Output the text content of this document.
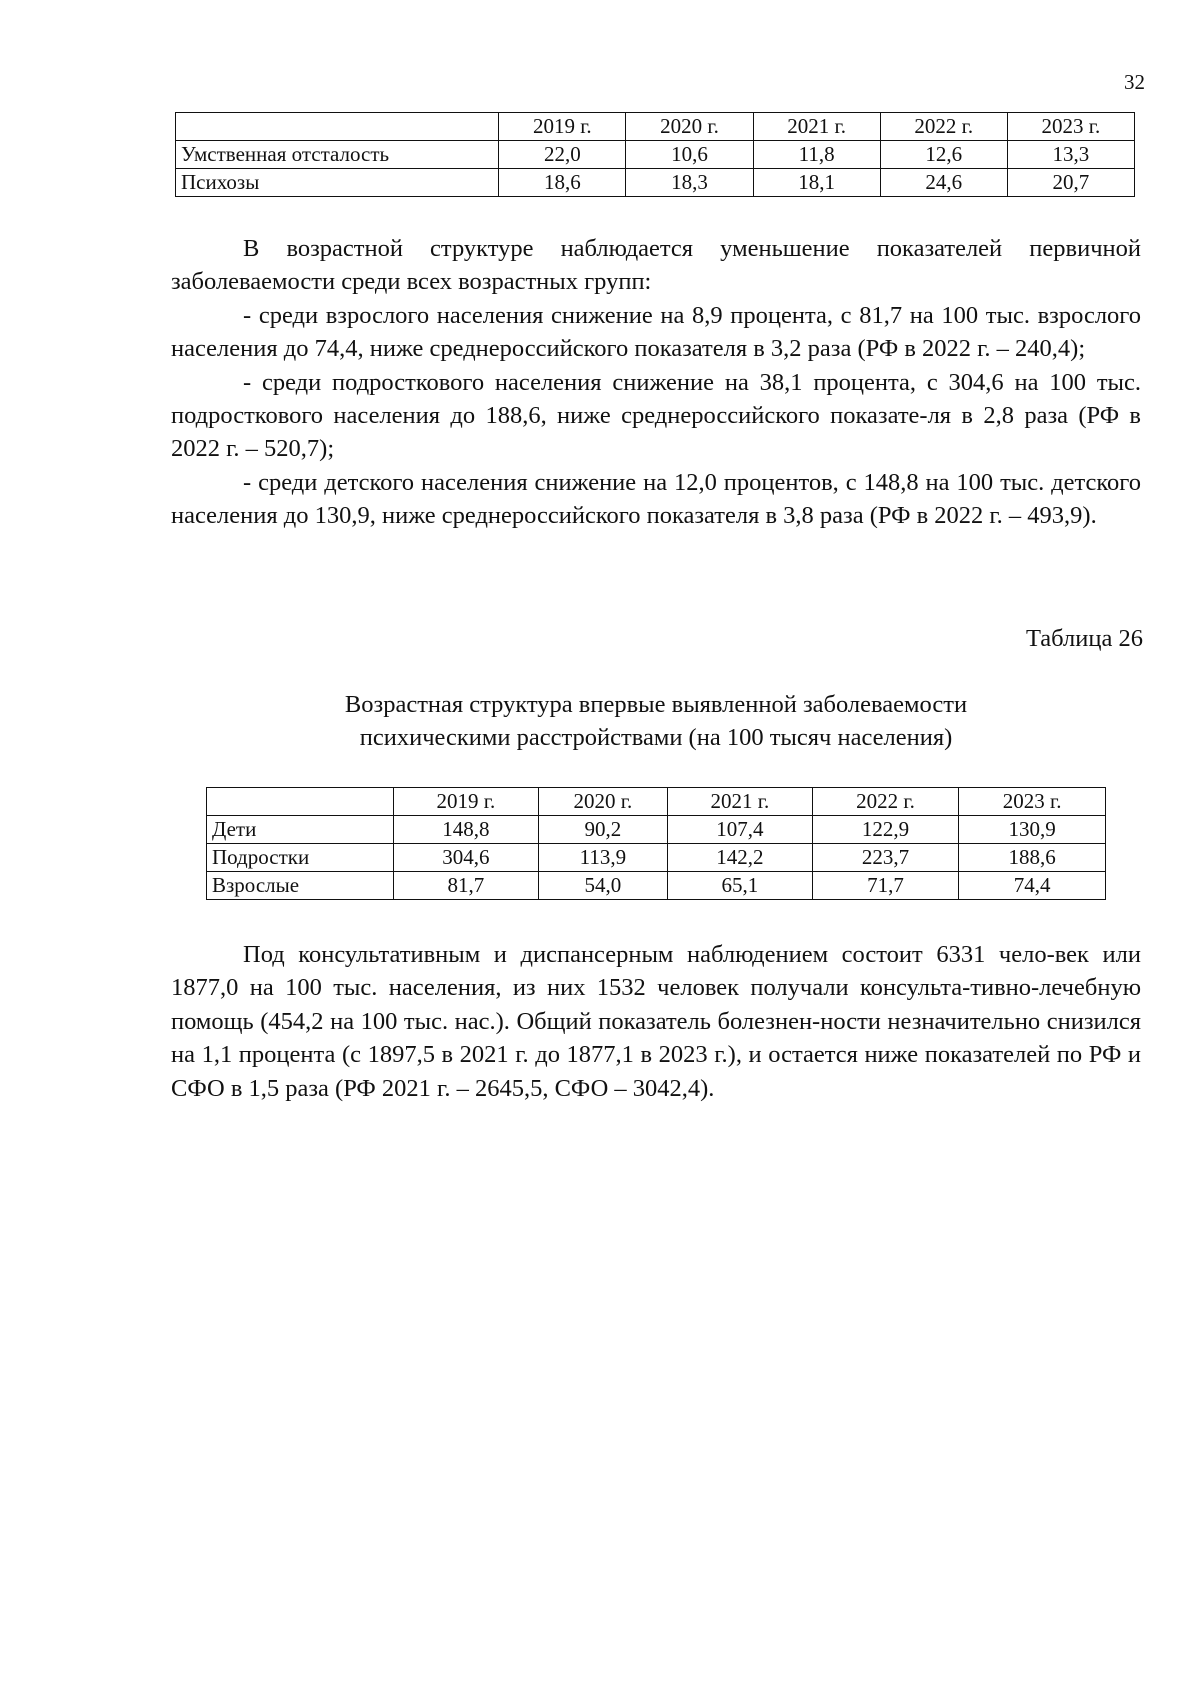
32
	2019 г.	2020 г.	2021 г.	2022 г.	2023 г.
Умственная отсталость	22,0	10,6	11,8	12,6	13,3
Психозы	18,6	18,3	18,1	24,6	20,7

В возрастной структуре наблюдается уменьшение показателей первичной заболеваемости среди всех возрастных групп:

- среди взрослого населения снижение на 8,9 процента, с 81,7 на 100 тыс. взрослого населения до 74,4, ниже среднероссийского показателя в 3,2 раза (РФ в 2022 г. – 240,4);

- среди подросткового населения снижение на 38,1 процента, с 304,6 на 100 тыс. подросткового населения до 188,6, ниже среднероссийского показате-ля в 2,8 раза (РФ в 2022 г. – 520,7);

- среди детского населения снижение на 12,0 процентов, с 148,8 на 100 тыс. детского населения до 130,9, ниже среднероссийского показателя в 3,8 раза (РФ в 2022 г. – 493,9).

Таблица 26
Возрастная структура впервые выявленной заболеваемости
психическими расстройствами (на 100 тысяч населения)
	2019 г.	2020 г.	2021 г.	2022 г.	2023 г.
Дети	148,8	90,2	107,4	122,9	130,9
Подростки	304,6	113,9	142,2	223,7	188,6
Взрослые	81,7	54,0	65,1	71,7	74,4

Под консультативным и диспансерным наблюдением состоит 6331 чело-век или 1877,0 на 100 тыс. населения, из них 1532 человек получали консульта-тивно-лечебную помощь (454,2 на 100 тыс. нас.). Общий показатель болезнен-ности незначительно снизился на 1,1 процента (с 1897,5 в 2021 г. до 1877,1 в 2023 г.), и остается ниже показателей по РФ и СФО в 1,5 раза (РФ 2021 г. – 2645,5, СФО – 3042,4).
